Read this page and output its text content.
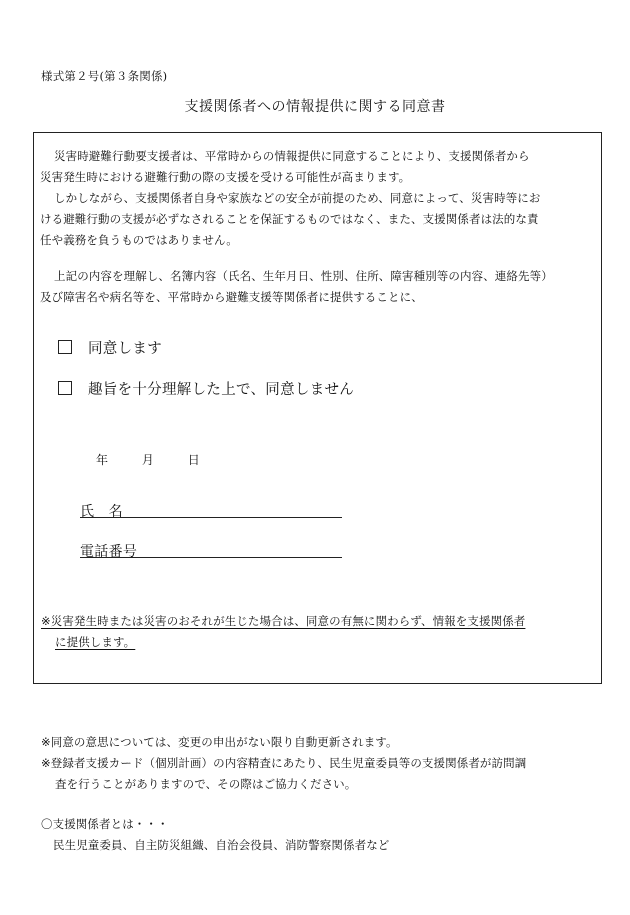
様式第２号(第３条関係)
支援関係者への情報提供に関する同意書

災害時避難行動要支援者は、平常時からの情報提供に同意することにより、支援関係者から
災害発生時における避難行動の際の支援を受ける可能性が高まります。

しかしながら、支援関係者自身や家族などの安全が前提のため、同意によって、災害時等にお
ける避難行動の支援が必ずなされることを保証するものではなく、また、支援関係者は法的な責
任や義務を負うものではありません。

上記の内容を理解し、名簿内容（氏名、生年月日、性別、住所、障害種別等の内容、連絡先等）
及び障害名や病名等を、平常時から避難支援等関係者に提供することに、

同意します
趣旨を十分理解した上で、同意しません
年	月	日
氏　名
電話番号

※災害発生時または災害のおそれが生じた場合は、同意の有無に関わらず、情報を支援関係者
に提供します。

※同意の意思については、変更の申出がない限り自動更新されます。

※登録者支援カード（個別計画）の内容精査にあたり、民生児童委員等の支援関係者が訪問調
査を行うことがありますので、その際はご協力ください。

〇支援関係者とは・・・

民生児童委員、自主防災組織、自治会役員、消防警察関係者など
